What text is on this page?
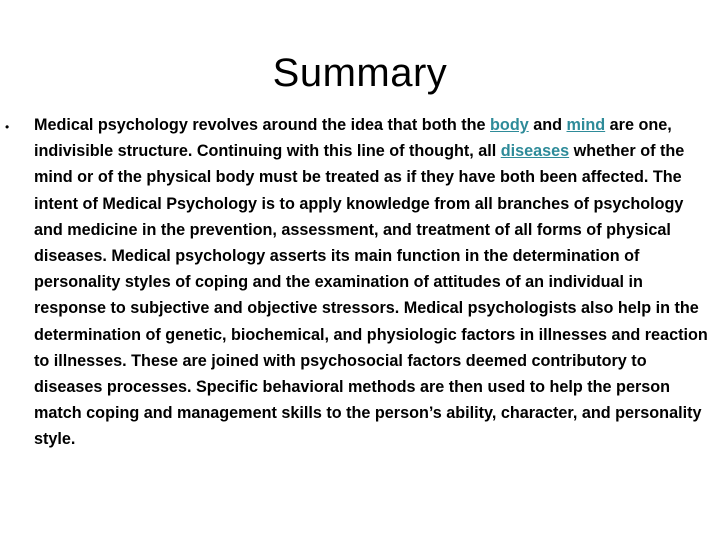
Summary
• Medical psychology revolves around the idea that both the body and mind are one, indivisible structure. Continuing with this line of thought, all diseases whether of the mind or of the physical body must be treated as if they have both been affected. The intent of Medical Psychology is to apply knowledge from all branches of psychology and medicine in the prevention, assessment, and treatment of all forms of physical diseases. Medical psychology asserts its main function in the determination of personality styles of coping and the examination of attitudes of an individual in response to subjective and objective stressors. Medical psychologists also help in the determination of genetic, biochemical, and physiologic factors in illnesses and reaction to illnesses. These are joined with psychosocial factors deemed contributory to diseases processes. Specific behavioral methods are then used to help the person match coping and management skills to the person’s ability, character, and personality style.
